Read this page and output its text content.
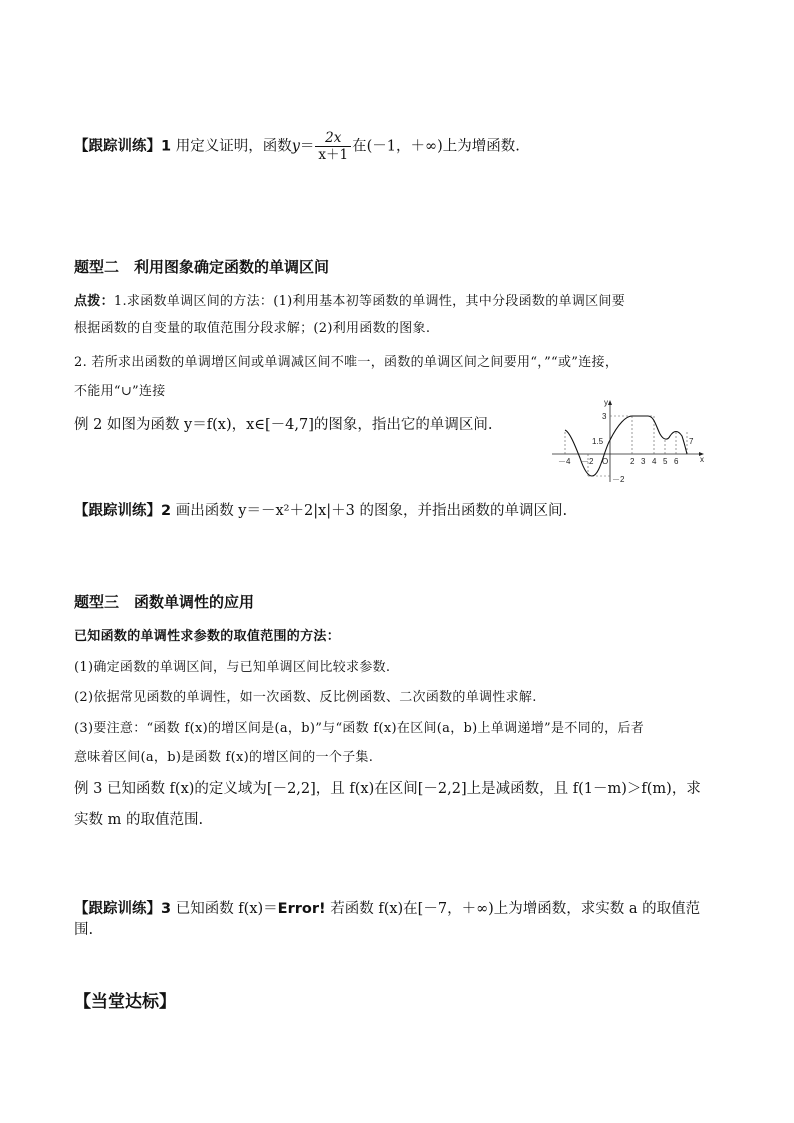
【跟踪训练】1 用定义证明，函数$y= \frac{2x}{x+1}$ 在(－1，＋∞)上为增函数.
题型二　利用图象确定函数的单调区间
点拨：1.求函数单调区间的方法：(1)利用基本初等函数的单调性，其中分段函数的单调区间要
根据函数的自变量的取值范围分段求解；(2)利用函数的图象.
2. 若所求出函数的单调增区间或单调减区间不唯一，函数的单调区间之间要用“，”“或”连接，
不能用“∪”连接
例 2 如图为函数 y＝f(x)，x∈[－4,7]的图象，指出它的单调区间.
y
x
3
1.5
－2
－4 －2 O	2 3 4 5 6
7
【跟踪训练】2 画出函数 y＝－x²＋2|x|＋3 的图象，并指出函数的单调区间.
题型三　函数单调性的应用
已知函数的单调性求参数的取值范围的方法：
(1)确定函数的单调区间，与已知单调区间比较求参数.
(2)依据常见函数的单调性，如一次函数、反比例函数、二次函数的单调性求解.
(3)要注意：“函数 f(x)的增区间是(a，b)”与“函数 f(x)在区间(a，b)上单调递增”是不同的，后者
意味着区间(a，b)是函数 f(x)的增区间的一个子集.
例 3 已知函数 f(x)的定义域为[－2,2]，且 f(x)在区间[－2,2]上是减函数，且 f(1－m)＞f(m)，求
实数 m 的取值范围.
【跟踪训练】3 已知函数 f(x)＝Error! 若函数 f(x)在[－7，＋∞)上为增函数，求实数 a 的取值范
围.
【当堂达标】
